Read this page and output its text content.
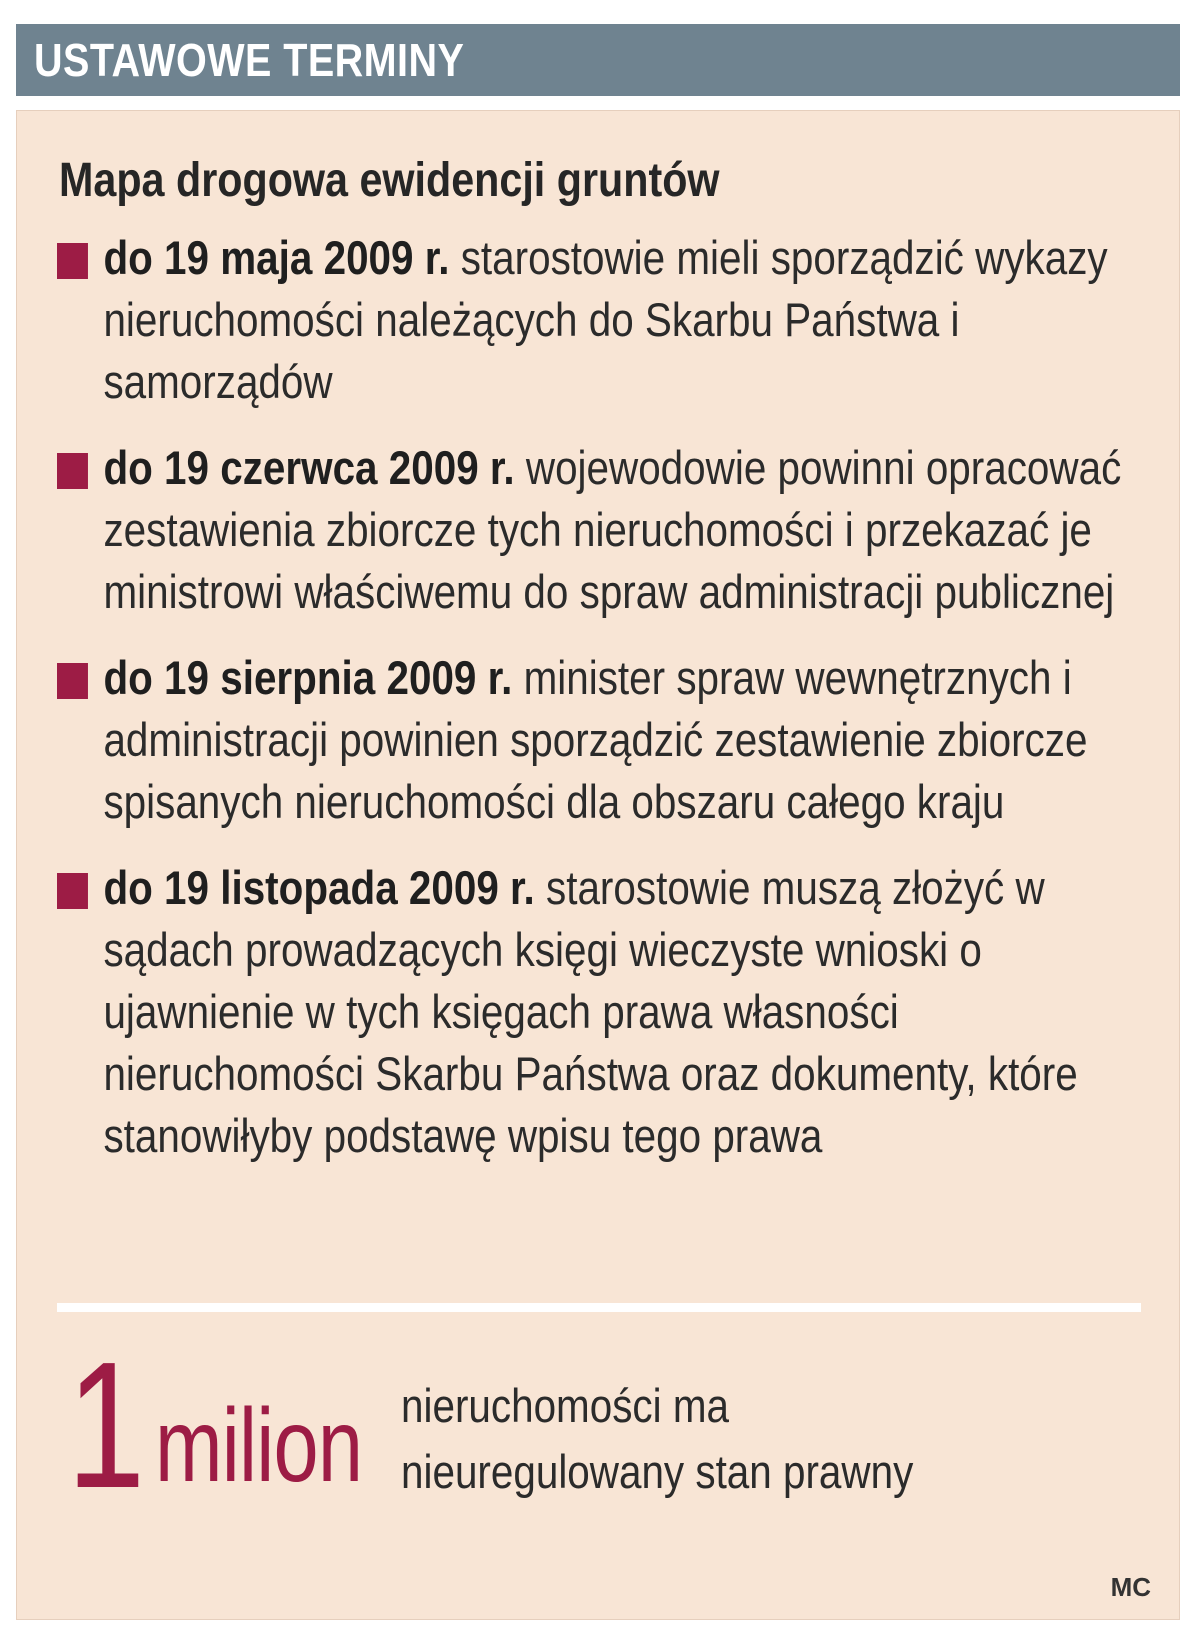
USTAWOWE TERMINY
Mapa drogowa ewidencji gruntów
do 19 maja 2009 r. starostowie mieli sporządzić wykazy nieruchomości należących do Skarbu Państwa i samorządów
do 19 czerwca 2009 r. wojewodowie powinni opracować zestawienia zbiorcze tych nieruchomości i przekazać je ministrowi właściwemu do spraw administracji publicznej
do 19 sierpnia 2009 r. minister spraw wewnętrznych i administracji powinien sporządzić zestawienie zbiorcze spisanych nieruchomości dla obszaru całego kraju
do 19 listopada 2009 r. starostowie muszą złożyć w sądach prowadzących księgi wieczyste wnioski o ujawnienie w tych księgach prawa własności nieruchomości Skarbu Państwa oraz dokumenty, które stanowiłyby podstawę wpisu tego prawa
1 milion nieruchomości ma
nieuregulowany stan prawny
MC
